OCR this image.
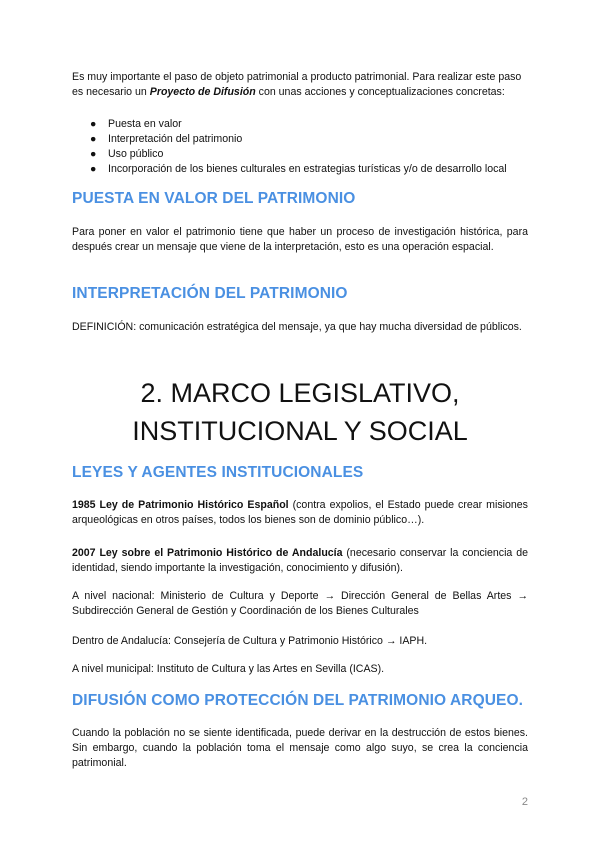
Es muy importante el paso de objeto patrimonial a producto patrimonial. Para realizar este paso es necesario un Proyecto de Difusión con unas acciones y conceptualizaciones concretas:

● Puesta en valor
● Interpretación del patrimonio
● Uso público
● Incorporación de los bienes culturales en estrategias turísticas y/o de desarrollo local
PUESTA EN VALOR DEL PATRIMONIO

Para poner en valor el patrimonio tiene que haber un proceso de investigación histórica, para después crear un mensaje que viene de la interpretación, esto es una operación espacial.

INTERPRETACIÓN DEL PATRIMONIO

DEFINICIÓN: comunicación estratégica del mensaje, ya que hay mucha diversidad de públicos.

2. MARCO LEGISLATIVO,
INSTITUCIONAL Y SOCIAL
LEYES Y AGENTES INSTITUCIONALES

1985 Ley de Patrimonio Histórico Español (contra expolios, el Estado puede crear misiones arqueológicas en otros países, todos los bienes son de dominio público…).

2007 Ley sobre el Patrimonio Histórico de Andalucía (necesario conservar la conciencia de identidad, siendo importante la investigación, conocimiento y difusión).

A nivel nacional: Ministerio de Cultura y Deporte → Dirección General de Bellas Artes → Subdirección General de Gestión y Coordinación de los Bienes Culturales

Dentro de Andalucía: Consejería de Cultura y Patrimonio Histórico → IAPH.

A nivel municipal: Instituto de Cultura y las Artes en Sevilla (ICAS).

DIFUSIÓN COMO PROTECCIÓN DEL PATRIMONIO ARQUEO.

Cuando la población no se siente identificada, puede derivar en la destrucción de estos bienes. Sin embargo, cuando la población toma el mensaje como algo suyo, se crea la conciencia patrimonial.

2
